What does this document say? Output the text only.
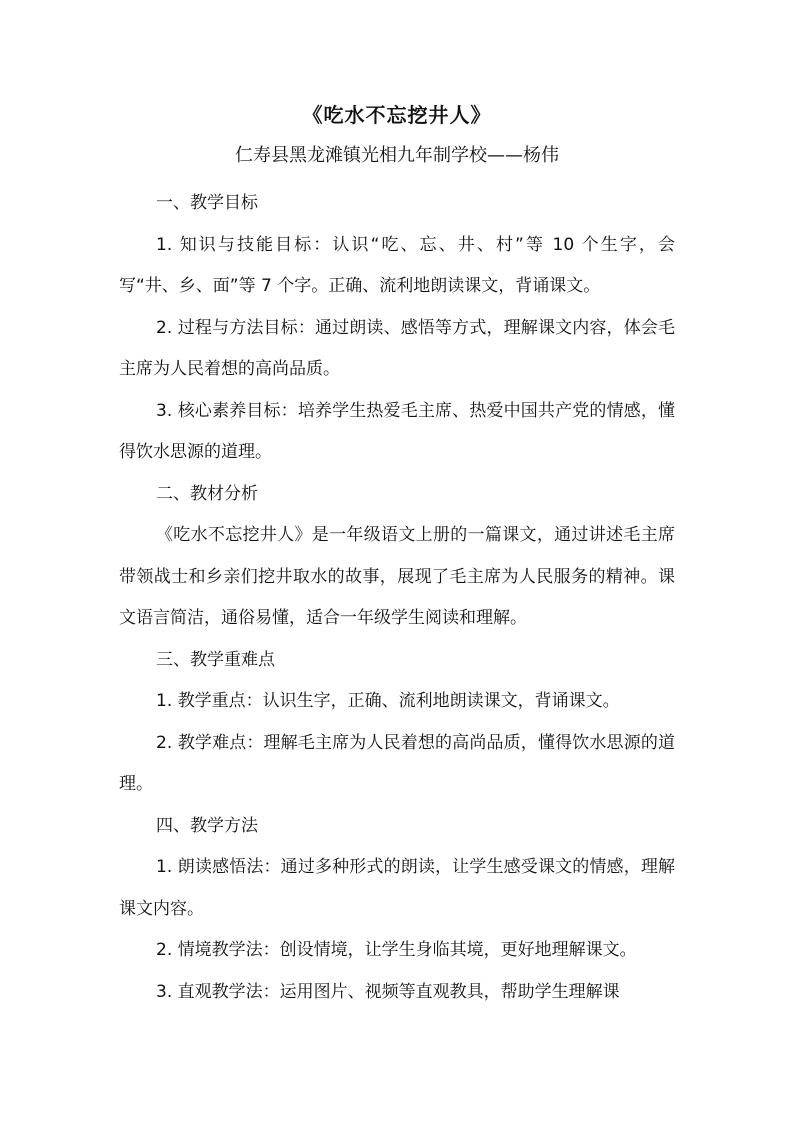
《吃水不忘挖井人》
仁寿县黑龙滩镇光相九年制学校——杨伟

一、教学目标

1. 知识与技能目标：认识“吃、忘、井、村”等 10 个生字，会写“井、乡、面”等 7 个字。正确、流利地朗读课文，背诵课文。

2. 过程与方法目标：通过朗读、感悟等方式，理解课文内容，体会毛主席为人民着想的高尚品质。

3. 核心素养目标：培养学生热爱毛主席、热爱中国共产党的情感，懂得饮水思源的道理。

二、教材分析

《吃水不忘挖井人》是一年级语文上册的一篇课文，通过讲述毛主席带领战士和乡亲们挖井取水的故事，展现了毛主席为人民服务的精神。课文语言简洁，通俗易懂，适合一年级学生阅读和理解。

三、教学重难点

1. 教学重点：认识生字，正确、流利地朗读课文，背诵课文。

2. 教学难点：理解毛主席为人民着想的高尚品质，懂得饮水思源的道理。

四、教学方法

1. 朗读感悟法：通过多种形式的朗读，让学生感受课文的情感，理解课文内容。

2. 情境教学法：创设情境，让学生身临其境，更好地理解课文。

3. 直观教学法：运用图片、视频等直观教具，帮助学生理解课
